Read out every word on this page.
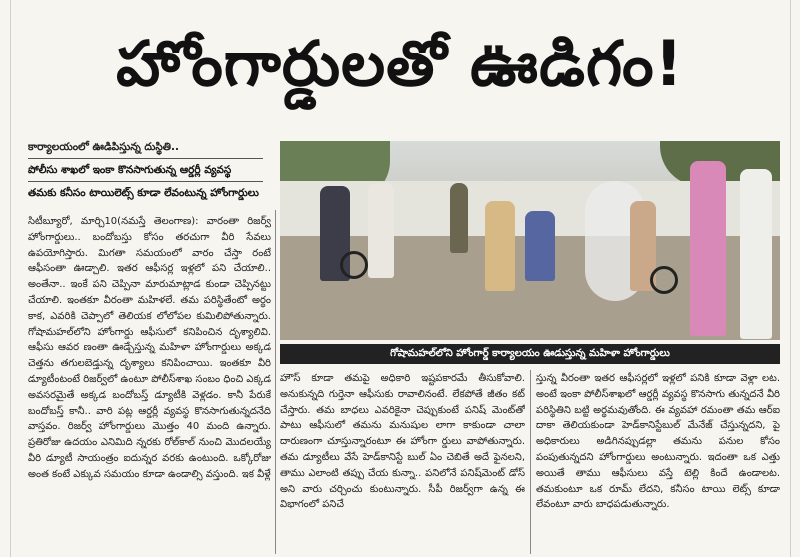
హోంగార్డులతో ఊడిగం!
కార్యాలయంలో ఊడిపిస్తున్న దుస్థితి..
పోలీసు శాఖలో ఇంకా కొనసాగుతున్న ఆర్డర్లీ వ్యవస్థ
తమకు కనీసం టాయిలెట్స్‌ కూడా లేవంటున్న హోంగార్డులు
గోషామహల్‌లోని హోంగార్డ్‌ కార్యాలయం ఊడుస్తున్న మహిళా హోంగార్డులు
సిటీబ్యూరో, మార్చి10(నమస్తే తెలంగాణ): వారంతా రిజర్వ్‌ హోంగార్డులు.. బందోబస్తు కోసం తరచుగా వీరి సేవలు ఉపయోగిస్తారు. మిగతా సమయంలో వారం చేస్తా రంటే ఆఫీసంతా ఊడ్చాలి. ఇతర ఆఫీసర్ల ఇళ్లలో పని చేయాలి.. అంతేనా.. ఇంకే పని చెప్పినా మారుమాట్లాడ కుండా చెప్పినట్టు చేయాలి. ఇంతకూ వీరంతా మహిళలే. తమ పరిస్థితేంటో అర్థం కాక, ఎవరికి చెప్పాలో తెలియక లోలోపల కుమిలిపోతున్నారు. గోషామహల్‌లోని హోంగార్డు ఆఫీసులో కనిపించిన దృశ్యాలివి. ఆఫీసు ఆవర ణంతా ఊడ్చేస్తున్న మహిళా హోంగార్డులు అక్కడ చెత్తను తగులబెడ్తున్న దృశ్యాలు కనిపించాయి. ఇంతకూ వీరి డ్యూటీంటంటే రిజర్వ్‌లో ఉంటూ పోలీస్‌శాఖ సంబం ధించి ఎక్కడ అవసరమైతే అక్కడ బందోబస్త్‌ డ్యూటీకి వెళ్లడం. కానీ పేరుకే బందోబస్త్‌ కానీ.. వారి పట్ల ఆర్డర్లీ వ్యవస్థ కొనసాగుతున్నదనేది వాస్తవం. రిజర్వ్‌ హోంగార్డులు మొత్తం 40 మంది ఉన్నారు. ప్రతిరోజు ఉదయం ఎనిమిది న్నరకు రోల్‌కాల్‌ నుంచి మొదలయ్యే వీరి డ్యూటీ సాయంత్రం ఐదున్నర వరకు ఉంటుంది. ఒక్కోరోజు అంత కంటే ఎక్కువ సమయం కూడా ఉండాల్సి వస్తుంది. ఇక వీళ్లే
హౌస్‌ కూడా తమపై అధికారి ఇష్టపకారమే తీసుకోవాలి. అనుకున్నది గుర్తెనా ఆఫీసుకు రావాలినంటే. లేకపోతే జీతం కట్‌ చేస్తారు. తమ బాధలు ఎవరికైనా చెప్పుకుంటే పనిష్‌ మెంట్‌తో పాటు ఆఫీసులో తమను మనుషుల లాగా కాకుండా చాలా దారుణంగా చూస్తున్నారంటూ ఈ హోంగా ర్డులు వాపోతున్నారు. తమ డ్యూటీలు వేసే హెడ్‌కానిస్టే బుల్‌ ఏం చెబితే అదే ఫైనలని, తాము ఎలాంటి తప్పు చేయ కున్నా.. పనిలోనే పనిష్‌మెంట్‌ డోస్‌ అని వారు చర్చించు కుంటున్నారు. సీపీ రిజర్వ్‌గా ఉన్న ఈ విభాగంలో పనిచే
స్తున్న వీరంతా ఇతర ఆఫీసర్లలో ఇళ్లలో పనికి కూడా వెళ్లా లట. అంటే ఇంకా పోలీస్‌శాఖలో ఆర్డర్లీ వ్యవస్థ కొనసాగు తున్నదనే వీరి పరిస్థితిని బట్టి అర్థమవుతోంది. ఈ వ్యవహా రమంతా తమ ఆర్‌ఐ దాకా తెలియకుండా హెడ్‌కానిస్టేబుల్‌ మేనేజ్‌ చేస్తున్నదని, పై అధికారులు అడిగినప్పుడల్లా తమను పనుల కోసం పంపుతున్నదని హోంగార్డులు అంటున్నారు. ఇదంతా ఒక ఎత్తు అయితే తాము ఆఫీసులు వస్తే టెల్లి కిందే ఉండాలట. తమకుంటూ ఒక రూమ్‌ లేదని, కనీసం టాయి లెట్స్‌ కూడా లేవంటూ వారు బాధపడుతున్నారు.
